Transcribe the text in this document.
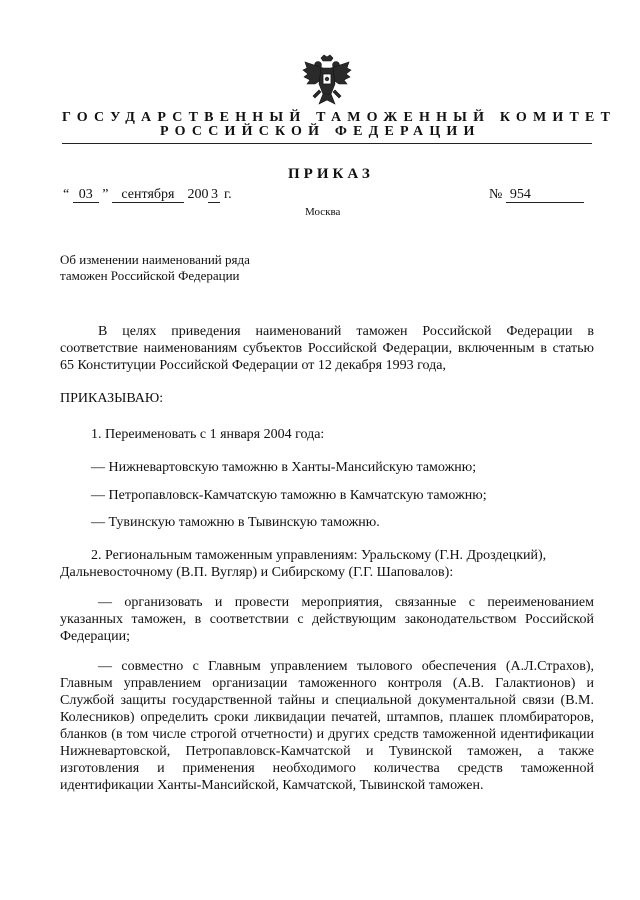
ГОСУДАРСТВЕННЫЙ ТАМОЖЕННЫЙ КОМИТЕТ
РОССИЙСКОЙ ФЕДЕРАЦИИ
ПРИКАЗ
“ 03 ” сентября 200 3 г.	№ 954
Москва
Об изменении наименований ряда таможен Российской Федерации
В целях приведения наименований таможен Российской Федерации в соответствие наименованиям субъектов Российской Федерации, включенным в статью 65 Конституции Российской Федерации от 12 декабря 1993 года,
ПРИКАЗЫВАЮ:
1. Переименовать с 1 января 2004 года:
— Нижневартовскую таможню в Ханты-Мансийскую таможню;
— Петропавловск-Камчатскую таможню в Камчатскую таможню;
— Тувинскую таможню в Тывинскую таможню.
2. Региональным таможенным управлениям: Уральскому (Г.Н. Дроздецкий),
Дальневосточному (В.П. Вугляр) и Сибирскому (Г.Г. Шаповалов):
— организовать и провести мероприятия, связанные с переименованием указанных таможен, в соответствии с действующим законодательством Российской Федерации;
— совместно с Главным управлением тылового обеспечения (А.Л.Страхов), Главным управлением организации таможенного контроля (А.В. Галактионов) и Службой защиты государственной тайны и специальной документальной связи (В.М. Колесников) определить сроки ликвидации печатей, штампов, плашек пломбираторов, бланков (в том числе строгой отчетности) и других средств таможенной идентификации Нижневартовской, Петропавловск-Камчатской и Тувинской таможен, а также изготовления и применения необходимого количества средств таможенной идентификации Ханты-Мансийской, Камчатской, Тывинской таможен.
